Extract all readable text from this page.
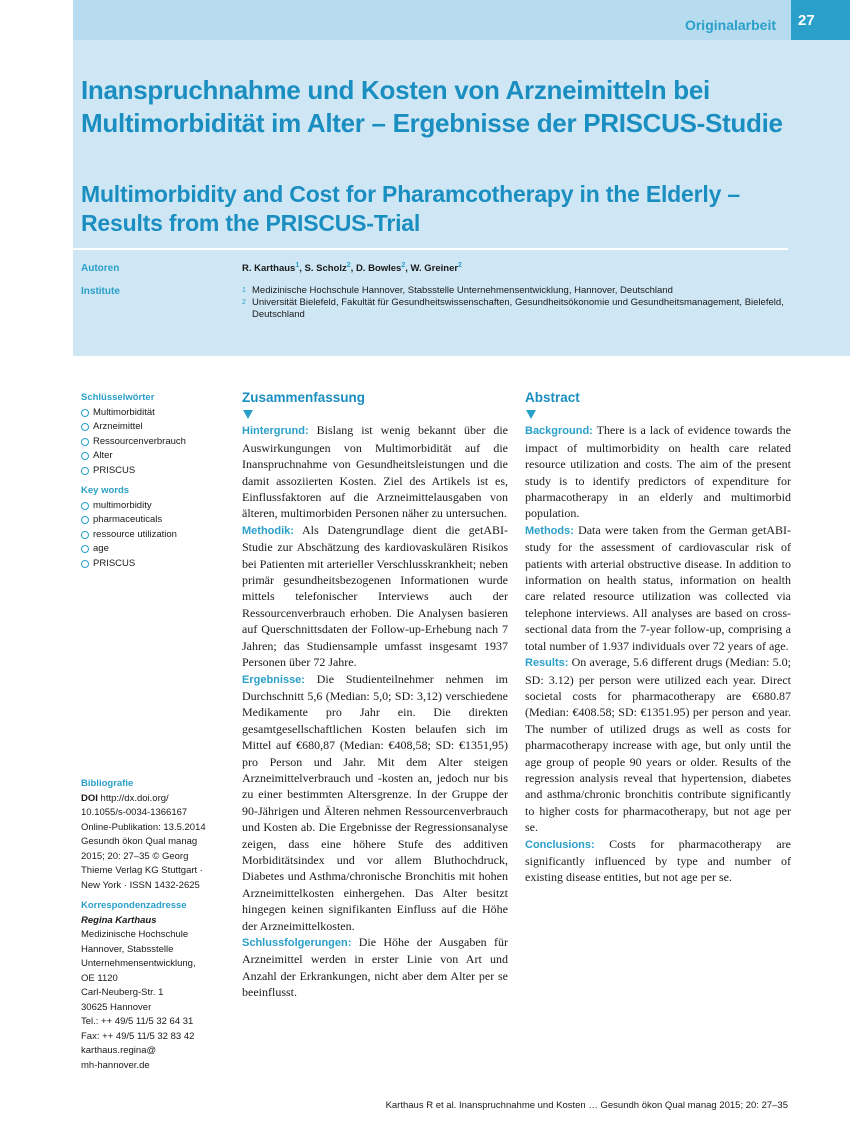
Originalarbeit	27
Inanspruchnahme und Kosten von Arzneimitteln bei Multimorbidität im Alter – Ergebnisse der PRISCUS-Studie
Multimorbidity and Cost for Pharamcotherapy in the Elderly – Results from the PRISCUS-Trial
Autoren	R. Karthaus$^1$, S. Scholz$^2$, D. Bowles$^2$, W. Greiner$^2$
Institute	1 Medizinische Hochschule Hannover, Stabsstelle Unternehmensentwicklung, Hannover, Deutschland
2 Universität Bielefeld, Fakultät für Gesundheitswissenschaften, Gesundheitsökonomie und Gesundheitsmanagement, Bielefeld, Deutschland
Schlüsselwörter
Multimorbidität
Arzneimittel
Ressourcenverbrauch
Alter
PRISCUS
Key words
multimorbidity
pharmaceuticals
ressource utilization
age
PRISCUS
Bibliografie
DOI http://dx.doi.org/
10.1055/s-0034-1366167
Online-Publikation: 13.5.2014
Gesundh ökon Qual manag
2015; 20: 27–35 © Georg
Thieme Verlag KG Stuttgart ·
New York · ISSN 1432-2625
Korrespondenzadresse
Regina Karthaus
Medizinische Hochschule
Hannover, Stabsstelle
Unternehmensentwicklung,
OE 1120
Carl-Neuberg-Str. 1
30625 Hannover
Tel.: ++ 49/5 11/5 32 64 31
Fax: ++ 49/5 11/5 32 83 42
karthaus.regina@
mh-hannover.de
Zusammenfassung

Hintergrund: Bislang ist wenig bekannt über die Auswirkungungen von Multimorbidität auf die Inanspruchnahme von Gesundheitsleistungen und die damit assoziierten Kosten. Ziel des Artikels ist es, Einflussfaktoren auf die Arzneimittelausgaben von älteren, multimorbiden Personen näher zu untersuchen.

Methodik: Als Datengrundlage dient die getABI-Studie zur Abschätzung des kardiovaskulären Risikos bei Patienten mit arterieller Verschlusskrankheit; neben primär gesundheitsbezogenen Informationen wurde mittels telefonischer Interviews auch der Ressourcenverbrauch erhoben. Die Analysen basieren auf Querschnittsdaten der Follow-up-Erhebung nach 7 Jahren; das Studiensample umfasst insgesamt 1937 Personen über 72 Jahre.

Ergebnisse: Die Studienteilnehmer nehmen im Durchschnitt 5,6 (Median: 5,0; SD: 3,12) verschiedene Medikamente pro Jahr ein. Die direkten gesamtgesellschaftlichen Kosten belaufen sich im Mittel auf €680,87 (Median: €408,58; SD: €1351,95) pro Person und Jahr. Mit dem Alter steigen Arzneimittelverbrauch und -kosten an, jedoch nur bis zu einer bestimmten Altersgrenze. In der Gruppe der 90-Jährigen und Älteren nehmen Ressourcenverbrauch und Kosten ab. Die Ergebnisse der Regressionsanalyse zeigen, dass eine höhere Stufe des additiven Morbiditätsindex und vor allem Bluthochdruck, Diabetes und Asthma/chronische Bronchitis mit hohen Arzneimittelkosten einhergehen. Das Alter besitzt hingegen keinen signifikanten Einfluss auf die Höhe der Arzneimittelkosten.

Schlussfolgerungen: Die Höhe der Ausgaben für Arzneimittel werden in erster Linie von Art und Anzahl der Erkrankungen, nicht aber dem Alter per se beeinflusst.

Abstract

Background: There is a lack of evidence towards the impact of multimorbidity on health care related resource utilization and costs. The aim of the present study is to identify predictors of expenditure for pharmacotherapy in an elderly and multimorbid population.

Methods: Data were taken from the German getABI-study for the assessment of cardiovascular risk of patients with arterial obstructive disease. In addition to information on health status, information on health care related resource utilization was collected via telephone interviews. All analyses are based on cross-sectional data from the 7-year follow-up, comprising a total number of 1.937 individuals over 72 years of age.

Results: On average, 5.6 different drugs (Median: 5.0; SD: 3.12) per person were utilized each year. Direct societal costs for pharmacotherapy are €680.87 (Median: €408.58; SD: €1351.95) per person and year. The number of utilized drugs as well as costs for pharmacotherapy increase with age, but only until the age group of people 90 years or older. Results of the regression analysis reveal that hypertension, diabetes and asthma/chronic bronchitis contribute significantly to higher costs for pharmacotherapy, but not age per se.

Conclusions: Costs for pharmacotherapy are significantly influenced by type and number of existing disease entities, but not age per se.

Karthaus R et al. Inanspruchnahme und Kosten … Gesundh ökon Qual manag 2015; 20: 27–35
